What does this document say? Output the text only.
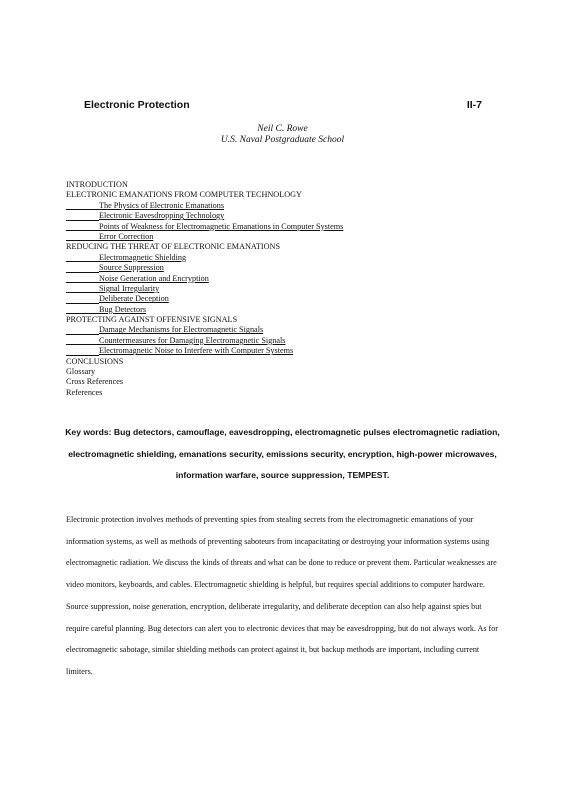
Electronic Protection	II-7
Neil C. Rowe
U.S. Naval Postgraduate School
INTRODUCTION
ELECTRONIC EMANATIONS FROM COMPUTER TECHNOLOGY
The Physics of Electronic Emanations
Electronic Eavesdropping Technology
Points of Weakness for Electromagnetic Emanations in Computer Systems
Error Correction
REDUCING THE THREAT OF ELECTRONIC EMANATIONS
Electromagnetic Shielding
Source Suppression
Noise Generation and Encryption
Signal Irregularity
Deliberate Deception
Bug Detectors
PROTECTING AGAINST OFFENSIVE SIGNALS
Damage Mechanisms for Electromagnetic Signals
Countermeasures for Damaging Electromagnetic Signals
Electromagnetic Noise to Interfere with Computer Systems
CONCLUSIONS
Glossary
Cross References
References
Key words: Bug detectors, camouflage, eavesdropping, electromagnetic pulses electromagnetic radiation, electromagnetic shielding, emanations security, emissions security, encryption, high-power microwaves, information warfare, source suppression, TEMPEST.
Electronic protection involves methods of preventing spies from stealing secrets from the electromagnetic emanations of your information systems, as well as methods of preventing saboteurs from incapacitating or destroying your information systems using electromagnetic radiation. We discuss the kinds of threats and what can be done to reduce or prevent them. Particular weaknesses are video monitors, keyboards, and cables. Electromagnetic shielding is helpful, but requires special additions to computer hardware. Source suppression, noise generation, encryption, deliberate irregularity, and deliberate deception can also help against spies but require careful planning. Bug detectors can alert you to electronic devices that may be eavesdropping, but do not always work. As for electromagnetic sabotage, similar shielding methods can protect against it, but backup methods are important, including current limiters.
